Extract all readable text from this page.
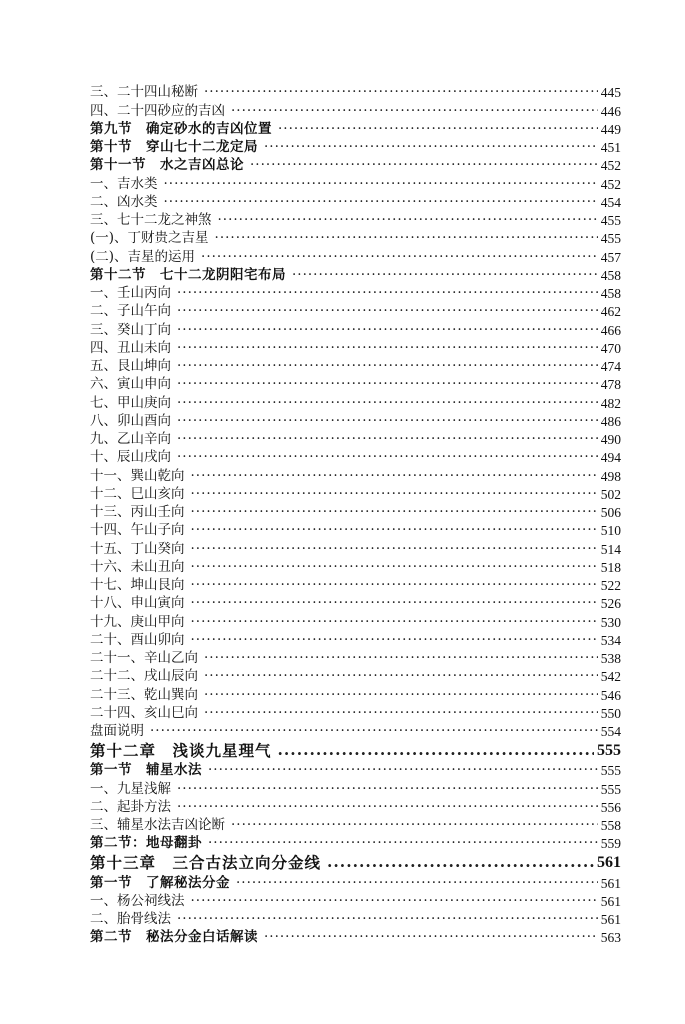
三、二十四山秘断 ·····	445
四、二十四砂应的吉凶 ·····	446
第九节　确定砂水的吉凶位置 ·····	449
第十节　穿山七十二龙定局 ·····	451
第十一节　水之吉凶总论 ·····	452
一、吉水类 ·····	452
二、凶水类 ·····	454
三、七十二龙之神煞 ·····	455
(一)、丁财贵之吉星 ·····	455
(二)、吉星的运用 ·····	457
第十二节　七十二龙阴阳宅布局 ·····	458
一、壬山丙向 ·····	458
二、子山午向 ·····	462
三、癸山丁向 ·····	466
四、丑山未向 ·····	470
五、艮山坤向 ·····	474
六、寅山申向 ·····	478
七、甲山庚向 ·····	482
八、卯山酉向 ·····	486
九、乙山辛向 ·····	490
十、辰山戌向 ·····	494
十一、巽山乾向 ·····	498
十二、巳山亥向 ·····	502
十三、丙山壬向 ·····	506
十四、午山子向 ·····	510
十五、丁山癸向 ·····	514
十六、未山丑向 ·····	518
十七、坤山艮向 ·····	522
十八、申山寅向 ·····	526
十九、庚山甲向 ·····	530
二十、酉山卯向 ·····	534
二十一、辛山乙向 ·····	538
二十二、戌山辰向 ·····	542
二十三、乾山巽向 ·····	546
二十四、亥山巳向 ·····	550
盘面说明 ·····	554
第十二章　浅谈九星理气 ·····	555
第一节　辅星水法 ·····	555
一、九星浅解 ·····	555
二、起卦方法 ·····	556
三、辅星水法吉凶论断 ·····	558
第二节：地母翻卦 ·····	559
第十三章　三合古法立向分金线 ·····	561
第一节　了解秘法分金 ·····	561
一、杨公祠线法 ·····	561
二、胎骨线法 ·····	561
第二节　秘法分金白话解读 ·····	563
